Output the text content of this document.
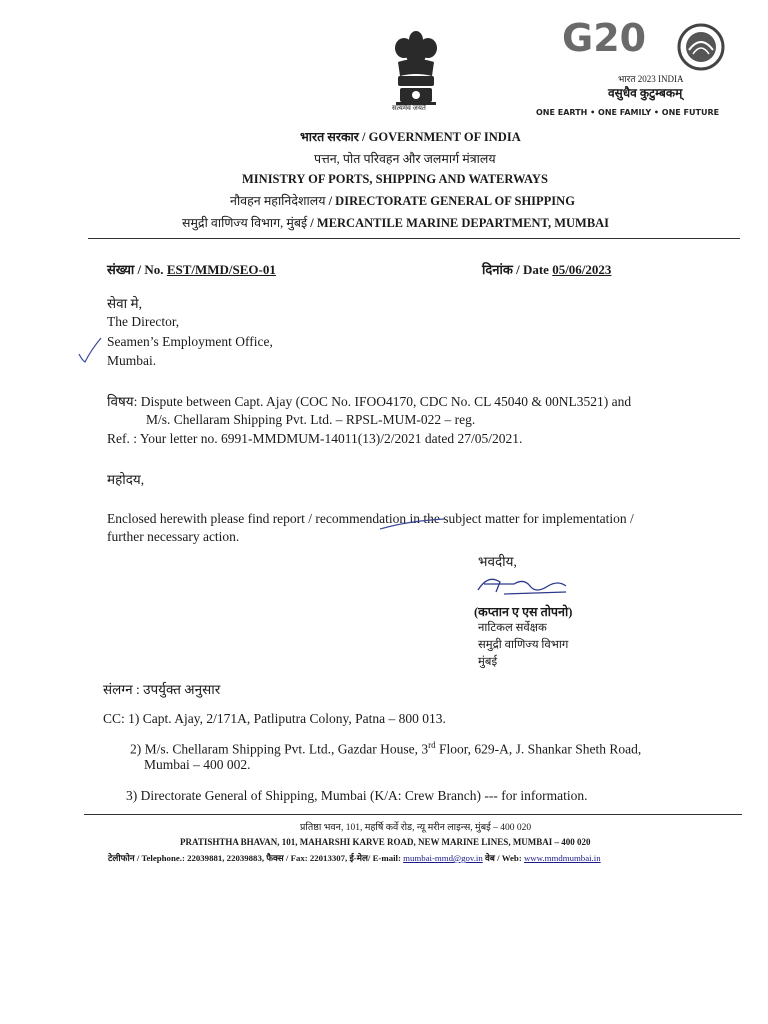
सत्यमेव जयते
G20
भारत 2023 INDIA
वसुधैव कुटुम्बकम्
ONE EARTH • ONE FAMILY • ONE FUTURE
भारत सरकार / GOVERNMENT OF INDIA
पत्तन, पोत परिवहन और जलमार्ग मंत्रालय
MINISTRY OF PORTS, SHIPPING AND WATERWAYS
नौवहन महानिदेशालय / DIRECTORATE GENERAL OF SHIPPING
समुद्री वाणिज्य विभाग, मुंबई / MERCANTILE MARINE DEPARTMENT, MUMBAI
संख्या / No. EST/MMD/SEO-01	दिनांक / Date 05/06/2023
सेवा मे,
The Director,
Seamen’s Employment Office,
Mumbai.
विषय: Dispute between Capt. Ajay (COC No. IFOO4170, CDC No. CL 45040 & 00NL3521) and
M/s. Chellaram Shipping Pvt. Ltd. – RPSL-MUM-022 – reg.
Ref. : Your letter no. 6991-MMDMUM-14011(13)/2/2021 dated 27/05/2021.
महोदय,
Enclosed herewith please find report / recommendation in the subject matter for implementation /
further necessary action.
भवदीय,
(कप्तान ए एस तोपनो)
नाटिकल सर्वेक्षक
समुद्री वाणिज्य विभाग
मुंबई
संलग्न : उपर्युक्त अनुसार
CC: 1) Capt. Ajay, 2/171A, Patliputra Colony, Patna – 800 013.
2) M/s. Chellaram Shipping Pvt. Ltd., Gazdar House, 3rd Floor, 629-A, J. Shankar Sheth Road,
Mumbai – 400 002.
3) Directorate General of Shipping, Mumbai (K/A: Crew Branch) --- for information.
प्रतिष्ठा भवन, 101, महर्षि कर्वे रोड, न्यू मरीन लाइन्स, मुंबई – 400 020
PRATISHTHA BHAVAN, 101, MAHARSHI KARVE ROAD, NEW MARINE LINES, MUMBAI – 400 020
टेलीफोन / Telephone.: 22039881, 22039883, फैक्स / Fax: 22013307, ई-मेल/ E-mail: mumbai-mmd@gov.in वेब / Web: www.mmdmumbai.in
